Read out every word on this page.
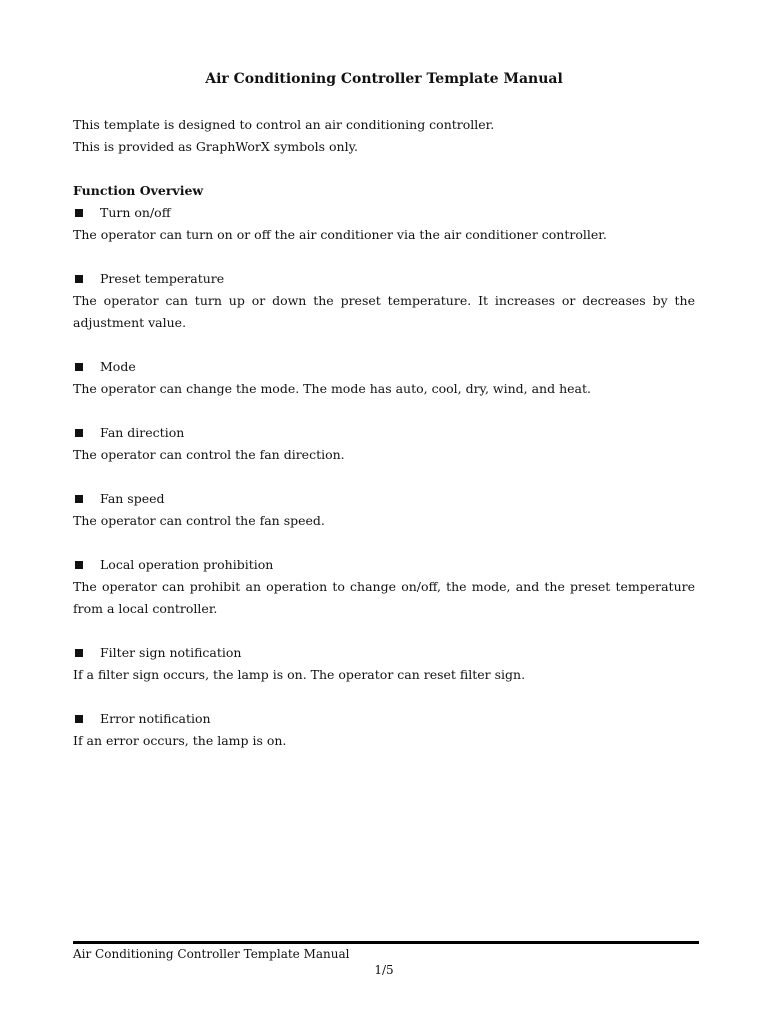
Air Conditioning Controller Template Manual

This template is designed to control an air conditioning controller.

This is provided as GraphWorX symbols only.

Function Overview

Turn on/off

The operator can turn on or off the air conditioner via the air conditioner controller.

Preset temperature

The operator can turn up or down the preset temperature. It increases or decreases by the adjustment value.

Mode

The operator can change the mode. The mode has auto, cool, dry, wind, and heat.

Fan direction

The operator can control the fan direction.

Fan speed

The operator can control the fan speed.

Local operation prohibition

The operator can prohibit an operation to change on/off, the mode, and the preset temperature from a local controller.

Filter sign notification

If a filter sign occurs, the lamp is on. The operator can reset filter sign.

Error notification

If an error occurs, the lamp is on.

Air Conditioning Controller Template Manual
1/5
